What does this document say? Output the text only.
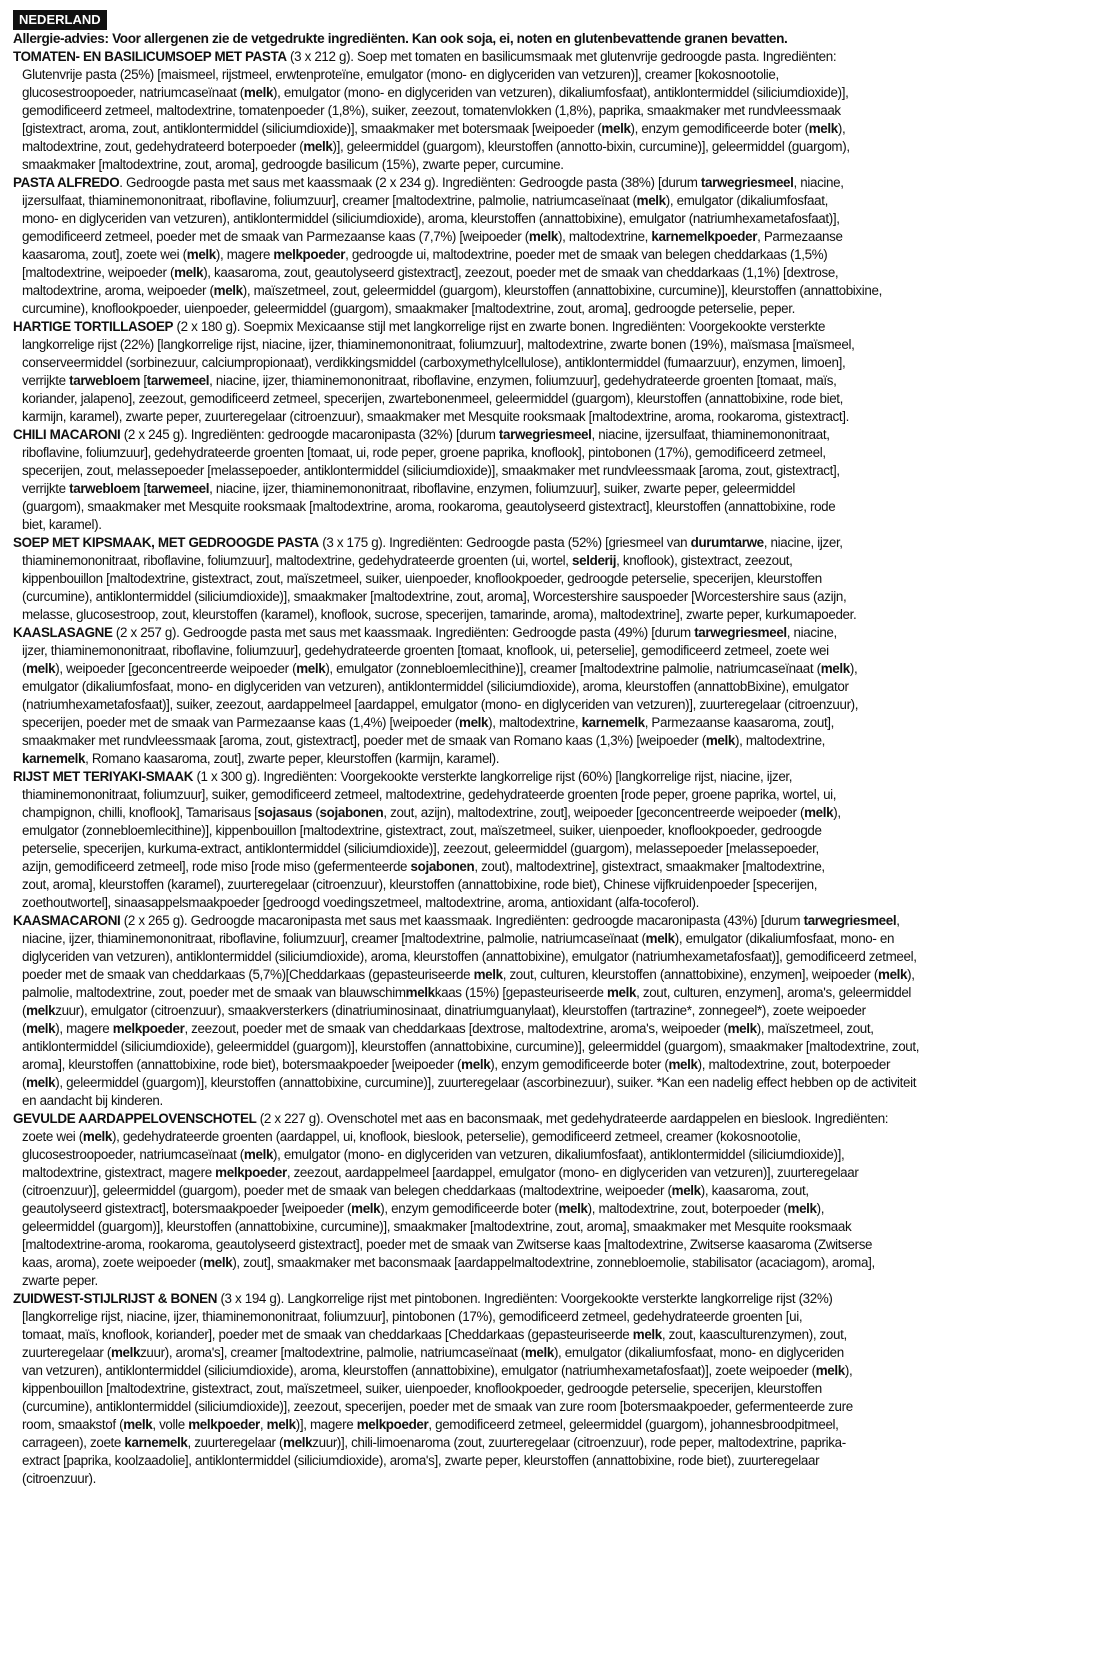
NEDERLAND
Allergie-advies: Voor allergenen zie de vetgedrukte ingrediënten. Kan ook soja, ei, noten en glutenbevattende granen bevatten.

TOMATEN- EN BASILICUMSOEP MET PASTA (3 x 212 g). Soep met tomaten en basilicumsmaak met glutenvrije gedroogde pasta. Ingrediënten:

Glutenvrije pasta (25%) [maismeel, rijstmeel, erwtenproteïne, emulgator (mono- en diglyceriden van vetzuren)], creamer [kokosnootolie,

glucosestroopoeder, natriumcaseïnaat (melk), emulgator (mono- en diglyceriden van vetzuren), dikaliumfosfaat), antiklontermiddel (siliciumdioxide)],

gemodificeerd zetmeel, maltodextrine, tomatenpoeder (1,8%), suiker, zeezout, tomatenvlokken (1,8%), paprika, smaakmaker met rundvleessmaak

[gistextract, aroma, zout, antiklontermiddel (siliciumdioxide)], smaakmaker met botersmaak [weipoeder (melk), enzym gemodificeerde boter (melk),

maltodextrine, zout, gedehydrateerd boterpoeder (melk)], geleermiddel (guargom), kleurstoffen (annotto-bixin, curcumine)], geleermiddel (guargom),

smaakmaker [maltodextrine, zout, aroma], gedroogde basilicum (15%), zwarte peper, curcumine.

PASTA ALFREDO. Gedroogde pasta met saus met kaassmaak (2 x 234 g). Ingrediënten: Gedroogde pasta (38%) [durum tarwegriesmeel, niacine,

ijzersulfaat, thiaminemononitraat, riboflavine, foliumzuur], creamer [maltodextrine, palmolie, natriumcaseïnaat (melk), emulgator (dikaliumfosfaat,

mono- en diglyceriden van vetzuren), antiklontermiddel (siliciumdioxide), aroma, kleurstoffen (annattobixine), emulgator (natriumhexametafosfaat)],

gemodificeerd zetmeel, poeder met de smaak van Parmezaanse kaas (7,7%) [weipoeder (melk), maltodextrine, karnemelkpoeder, Parmezaanse

kaasaroma, zout], zoete wei (melk), magere melkpoeder, gedroogde ui, maltodextrine, poeder met de smaak van belegen cheddarkaas (1,5%)

[maltodextrine, weipoeder (melk), kaasaroma, zout, geautolyseerd gistextract], zeezout, poeder met de smaak van cheddarkaas (1,1%) [dextrose,

maltodextrine, aroma, weipoeder (melk), maïszetmeel, zout, geleermiddel (guargom), kleurstoffen (annattobixine, curcumine)], kleurstoffen (annattobixine,

curcumine), knoflookpoeder, uienpoeder, geleermiddel (guargom), smaakmaker [maltodextrine, zout, aroma], gedroogde peterselie, peper.

HARTIGE TORTILLASOEP (2 x 180 g). Soepmix Mexicaanse stijl met langkorrelige rijst en zwarte bonen. Ingrediënten: Voorgekookte versterkte

langkorrelige rijst (22%) [langkorrelige rijst, niacine, ijzer, thiaminemononitraat, foliumzuur], maltodextrine, zwarte bonen (19%), maïsmasa [maïsmeel,

conserveermiddel (sorbinezuur, calciumpropionaat), verdikkingsmiddel (carboxymethylcellulose), antiklontermiddel (fumaarzuur), enzymen, limoen],

verrijkte tarwebloem [tarwemeel, niacine, ijzer, thiaminemononitraat, riboflavine, enzymen, foliumzuur], gedehydrateerde groenten [tomaat, maïs,

koriander, jalapeno], zeezout, gemodificeerd zetmeel, specerijen, zwartebonenmeel, geleermiddel (guargom), kleurstoffen (annattobixine, rode biet,

karmijn, karamel), zwarte peper, zuurteregelaar (citroenzuur), smaakmaker met Mesquite rooksmaak [maltodextrine, aroma, rookaroma, gistextract].

CHILI MACARONI (2 x 245 g). Ingrediënten: gedroogde macaronipasta (32%) [durum tarwegriesmeel, niacine, ijzersulfaat, thiaminemononitraat,

riboflavine, foliumzuur], gedehydrateerde groenten [tomaat, ui, rode peper, groene paprika, knoflook], pintobonen (17%), gemodificeerd zetmeel,

specerijen, zout, melassepoeder [melassepoeder, antiklontermiddel (siliciumdioxide)], smaakmaker met rundvleessmaak [aroma, zout, gistextract],

verrijkte tarwebloem [tarwemeel, niacine, ijzer, thiaminemononitraat, riboflavine, enzymen, foliumzuur], suiker, zwarte peper, geleermiddel

(guargom), smaakmaker met Mesquite rooksmaak [maltodextrine, aroma, rookaroma, geautolyseerd gistextract], kleurstoffen (annattobixine, rode

biet, karamel).

SOEP MET KIPSMAAK, MET GEDROOGDE PASTA (3 x 175 g). Ingrediënten: Gedroogde pasta (52%) [griesmeel van durumtarwe, niacine, ijzer,

thiaminemononitraat, riboflavine, foliumzuur], maltodextrine, gedehydrateerde groenten (ui, wortel, selderij, knoflook), gistextract, zeezout,

kippenbouillon [maltodextrine, gistextract, zout, maïszetmeel, suiker, uienpoeder, knoflookpoeder, gedroogde peterselie, specerijen, kleurstoffen

(curcumine), antiklontermiddel (siliciumdioxide)], smaakmaker [maltodextrine, zout, aroma], Worcestershire sauspoeder [Worcestershire saus (azijn,

melasse, glucosestroop, zout, kleurstoffen (karamel), knoflook, sucrose, specerijen, tamarinde, aroma), maltodextrine], zwarte peper, kurkumapoeder.

KAASLASAGNE (2 x 257 g). Gedroogde pasta met saus met kaassmaak. Ingrediënten: Gedroogde pasta (49%) [durum tarwegriesmeel, niacine,

ijzer, thiaminemononitraat, riboflavine, foliumzuur], gedehydrateerde groenten [tomaat, knoflook, ui, peterselie], gemodificeerd zetmeel, zoete wei

(melk), weipoeder [geconcentreerde weipoeder (melk), emulgator (zonnebloemlecithine)], creamer [maltodextrine palmolie, natriumcaseïnaat (melk),

emulgator (dikaliumfosfaat, mono- en diglyceriden van vetzuren), antiklontermiddel (siliciumdioxide), aroma, kleurstoffen (annattobBixine), emulgator

(natriumhexametafosfaat)], suiker, zeezout, aardappelmeel [aardappel, emulgator (mono- en diglyceriden van vetzuren)], zuurteregelaar (citroenzuur),

specerijen, poeder met de smaak van Parmezaanse kaas (1,4%) [weipoeder (melk), maltodextrine, karnemelk, Parmezaanse kaasaroma, zout],

smaakmaker met rundvleessmaak [aroma, zout, gistextract], poeder met de smaak van Romano kaas (1,3%) [weipoeder (melk), maltodextrine,

karnemelk, Romano kaasaroma, zout], zwarte peper, kleurstoffen (karmijn, karamel).

RIJST MET TERIYAKI-SMAAK (1 x 300 g). Ingrediënten: Voorgekookte versterkte langkorrelige rijst (60%) [langkorrelige rijst, niacine, ijzer,

thiaminemononitraat, foliumzuur], suiker, gemodificeerd zetmeel, maltodextrine, gedehydrateerde groenten [rode peper, groene paprika, wortel, ui,

champignon, chilli, knoflook], Tamarisaus [sojasaus (sojabonen, zout, azijn), maltodextrine, zout], weipoeder [geconcentreerde weipoeder (melk),

emulgator (zonnebloemlecithine)], kippenbouillon [maltodextrine, gistextract, zout, maïszetmeel, suiker, uienpoeder, knoflookpoeder, gedroogde

peterselie, specerijen, kurkuma-extract, antiklontermiddel (siliciumdioxide)], zeezout, geleermiddel (guargom), melassepoeder [melassepoeder,

azijn, gemodificeerd zetmeel], rode miso [rode miso (gefermenteerde sojabonen, zout), maltodextrine], gistextract, smaakmaker [maltodextrine,

zout, aroma], kleurstoffen (karamel), zuurteregelaar (citroenzuur), kleurstoffen (annattobixine, rode biet), Chinese vijfkruidenpoeder [specerijen,

zoethoutwortel], sinaasappelsmaakpoeder [gedroogd voedingszetmeel, maltodextrine, aroma, antioxidant (alfa-tocoferol).

KAASMACARONI (2 x 265 g). Gedroogde macaronipasta met saus met kaassmaak. Ingrediënten: gedroogde macaronipasta (43%) [durum tarwegriesmeel,

niacine, ijzer, thiaminemononitraat, riboflavine, foliumzuur], creamer [maltodextrine, palmolie, natriumcaseïnaat (melk), emulgator (dikaliumfosfaat, mono- en

diglyceriden van vetzuren), antiklontermiddel (siliciumdioxide), aroma, kleurstoffen (annattobixine), emulgator (natriumhexametafosfaat)], gemodificeerd zetmeel,

poeder met de smaak van cheddarkaas (5,7%)[Cheddarkaas (gepasteuriseerde melk, zout, culturen, kleurstoffen (annattobixine), enzymen], weipoeder (melk),

palmolie, maltodextrine, zout, poeder met de smaak van blauwschimmelkkaas (15%) [gepasteuriseerde melk, zout, culturen, enzymen], aroma's, geleermiddel

(melkzuur), emulgator (citroenzuur), smaakversterkers (dinatriuminosinaat, dinatriumguanylaat), kleurstoffen (tartrazine*, zonnegeel*), zoete weipoeder

(melk), magere melkpoeder, zeezout, poeder met de smaak van cheddarkaas [dextrose, maltodextrine, aroma's, weipoeder (melk), maïszetmeel, zout,

antiklontermiddel (siliciumdioxide), geleermiddel (guargom)], kleurstoffen (annattobixine, curcumine)], geleermiddel (guargom), smaakmaker [maltodextrine, zout,

aroma], kleurstoffen (annattobixine, rode biet), botersmaakpoeder [weipoeder (melk), enzym gemodificeerde boter (melk), maltodextrine, zout, boterpoeder

(melk), geleermiddel (guargom)], kleurstoffen (annattobixine, curcumine)], zuurteregelaar (ascorbinezuur), suiker. *Kan een nadelig effect hebben op de activiteit

en aandacht bij kinderen.

GEVULDE AARDAPPELOVENSCHOTEL (2 x 227 g). Ovenschotel met aas en baconsmaak, met gedehydrateerde aardappelen en bieslook. Ingrediënten:

zoete wei (melk), gedehydrateerde groenten (aardappel, ui, knoflook, bieslook, peterselie), gemodificeerd zetmeel, creamer (kokosnootolie,

glucosestroopoeder, natriumcaseïnaat (melk), emulgator (mono- en diglyceriden van vetzuren, dikaliumfosfaat), antiklontermiddel (siliciumdioxide)],

maltodextrine, gistextract, magere melkpoeder, zeezout, aardappelmeel [aardappel, emulgator (mono- en diglyceriden van vetzuren)], zuurteregelaar

(citroenzuur)], geleermiddel (guargom), poeder met de smaak van belegen cheddarkaas (maltodextrine, weipoeder (melk), kaasaroma, zout,

geautolyseerd gistextract], botersmaakpoeder [weipoeder (melk), enzym gemodificeerde boter (melk), maltodextrine, zout, boterpoeder (melk),

geleermiddel (guargom)], kleurstoffen (annattobixine, curcumine)], smaakmaker [maltodextrine, zout, aroma], smaakmaker met Mesquite rooksmaak

[maltodextrine-aroma, rookaroma, geautolyseerd gistextract], poeder met de smaak van Zwitserse kaas [maltodextrine, Zwitserse kaasaroma (Zwitserse

kaas, aroma), zoete weipoeder (melk), zout], smaakmaker met baconsmaak [aardappelmaltodextrine, zonnebloemolie, stabilisator (acaciagom), aroma],

zwarte peper.

ZUIDWEST-STIJLRIJST & BONEN (3 x 194 g). Langkorrelige rijst met pintobonen. Ingrediënten: Voorgekookte versterkte langkorrelige rijst (32%)

[langkorrelige rijst, niacine, ijzer, thiaminemononitraat, foliumzuur], pintobonen (17%), gemodificeerd zetmeel, gedehydrateerde groenten [ui,

tomaat, maïs, knoflook, koriander], poeder met de smaak van cheddarkaas [Cheddarkaas (gepasteuriseerde melk, zout, kaasculturenzymen), zout,

zuurteregelaar (melkzuur), aroma's], creamer [maltodextrine, palmolie, natriumcaseïnaat (melk), emulgator (dikaliumfosfaat, mono- en diglyceriden

van vetzuren), antiklontermiddel (siliciumdioxide), aroma, kleurstoffen (annattobixine), emulgator (natriumhexametafosfaat)], zoete weipoeder (melk),

kippenbouillon [maltodextrine, gistextract, zout, maïszetmeel, suiker, uienpoeder, knoflookpoeder, gedroogde peterselie, specerijen, kleurstoffen

(curcumine), antiklontermiddel (siliciumdioxide)], zeezout, specerijen, poeder met de smaak van zure room [botersmaakpoeder, gefermenteerde zure

room, smaakstof (melk, volle melkpoeder, melk)], magere melkpoeder, gemodificeerd zetmeel, geleermiddel (guargom), johannesbroodpitmeel,

carrageen), zoete karnemelk, zuurteregelaar (melkzuur)], chili-limoenaroma (zout, zuurteregelaar (citroenzuur), rode peper, maltodextrine, paprika-

extract [paprika, koolzaadolie], antiklontermiddel (siliciumdioxide), aroma's], zwarte peper, kleurstoffen (annattobixine, rode biet), zuurteregelaar

(citroenzuur).
